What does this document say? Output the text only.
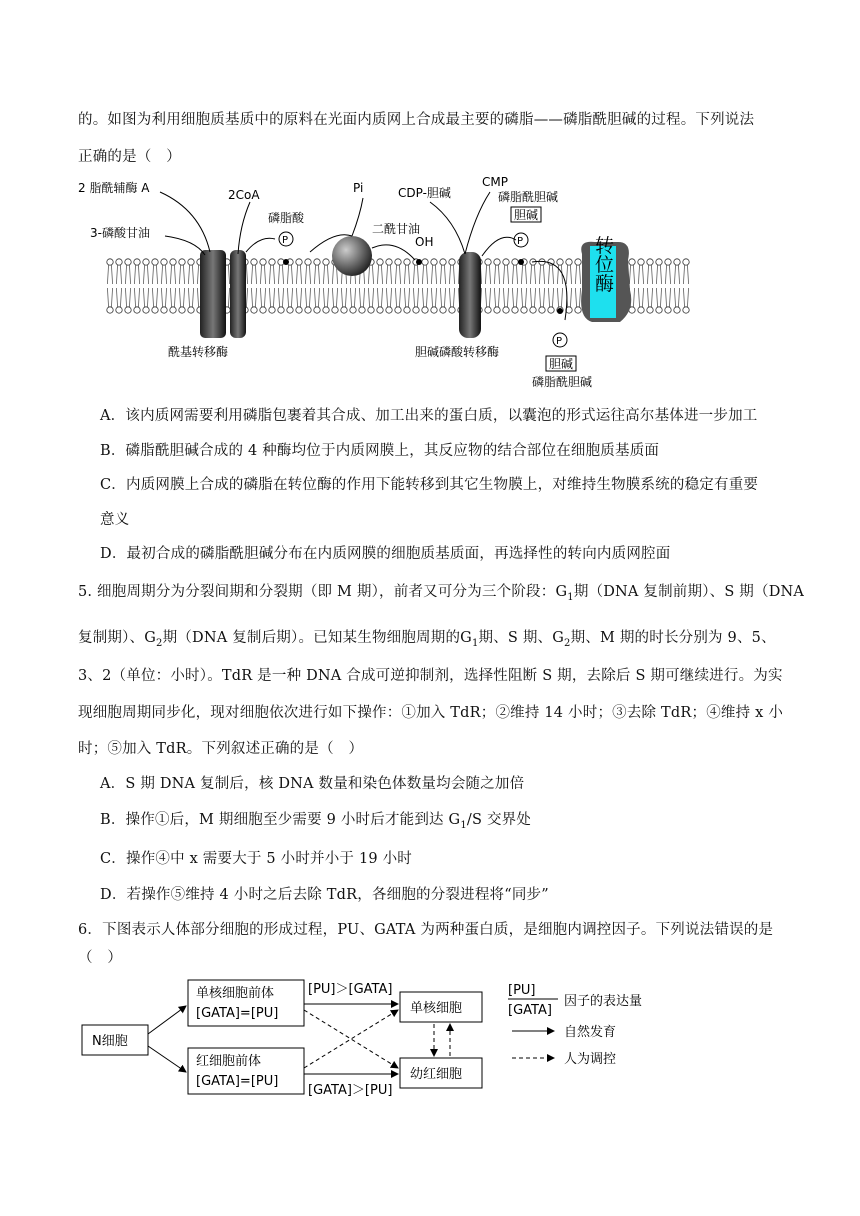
的。如图为利用细胞质基质中的原料在光面内质网上合成最主要的磷脂——磷脂酰胆碱的过程。下列说法
正确的是（　）
转位酶
2 脂酰辅酶 A
3-磷酸甘油
2CoA
磷脂酸
Pi
二酰甘油
OH
CDP-胆碱
CMP
磷脂酰胆碱
胆碱
酰基转移酶	胆碱磷酸转移酶
胆碱
磷脂酰胆碱
P	P
P
A．该内质网需要利用磷脂包裹着其合成、加工出来的蛋白质，以囊泡的形式运往高尔基体进一步加工
B．磷脂酰胆碱合成的 4 种酶均位于内质网膜上，其反应物的结合部位在细胞质基质面
C．内质网膜上合成的磷脂在转位酶的作用下能转移到其它生物膜上，对维持生物膜系统的稳定有重要
意义
D．最初合成的磷脂酰胆碱分布在内质网膜的细胞质基质面，再选择性的转向内质网腔面
5. 细胞周期分为分裂间期和分裂期（即 M 期），前者又可分为三个阶段：$G_1$期（DNA 复制前期）、S 期（DNA
复制期）、$G_2$期（DNA 复制后期）。已知某生物细胞周期的$G_1$期、S 期、$G_2$期、M 期的时长分别为 9、5、
3、2（单位：小时）。TdR 是一种 DNA 合成可逆抑制剂，选择性阻断 S 期，去除后 S 期可继续进行。为实
现细胞周期同步化，现对细胞依次进行如下操作：①加入 TdR；②维持 14 小时；③去除 TdR；④维持 x 小
时；⑤加入 TdR。下列叙述正确的是（　）
A．S 期 DNA 复制后，核 DNA 数量和染色体数量均会随之加倍
B．操作①后，M 期细胞至少需要 9 小时后才能到达 $G_1/S$ 交界处
C．操作④中 x 需要大于 5 小时并小于 19 小时
D．若操作⑤维持 4 小时之后去除 TdR，各细胞的分裂进程将“同步”
6．下图表示人体部分细胞的形成过程，PU、GATA 为两种蛋白质，是细胞内调控因子。下列说法错误的是
（　）
N细胞
单核细胞前体
[GATA]=[PU]
红细胞前体
[GATA]=[PU]
单核细胞
幼红细胞
[PU]＞[GATA]
[GATA]＞[PU]
[PU]
[GATA]
因子的表达量
自然发育
人为调控
